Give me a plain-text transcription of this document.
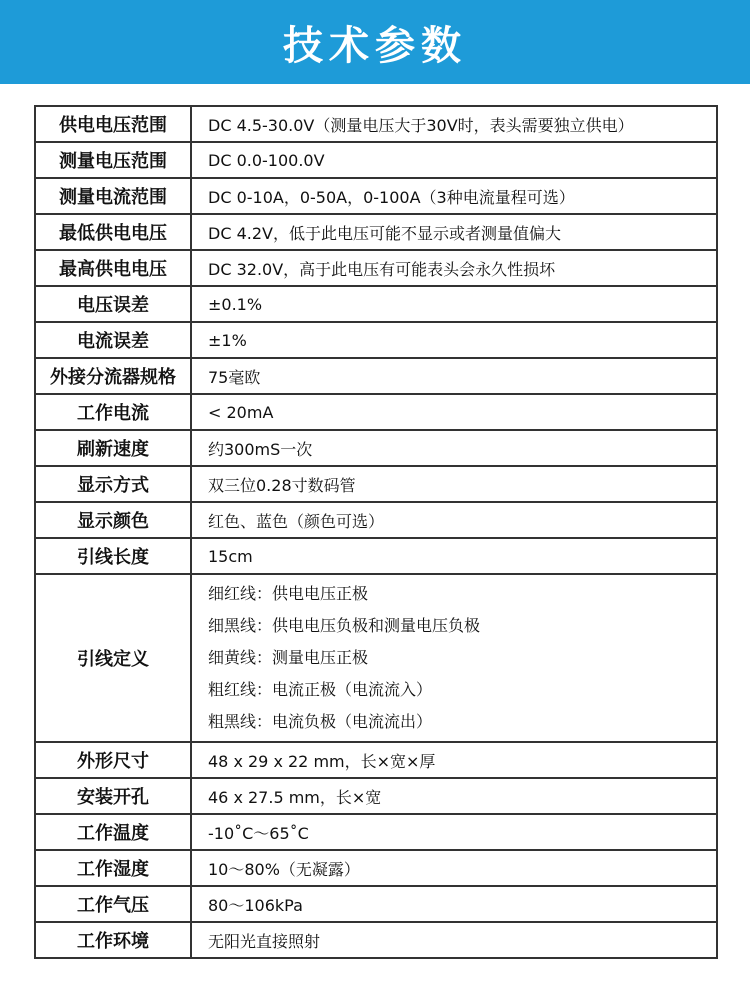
技术参数
供电电压范围	DC 4.5-30.0V（测量电压大于30V时，表头需要独立供电）
测量电压范围	DC 0.0-100.0V
测量电流范围	DC 0-10A，0-50A，0-100A（3种电流量程可选）
最低供电电压	DC 4.2V，低于此电压可能不显示或者测量值偏大
最高供电电压	DC 32.0V，高于此电压有可能表头会永久性损坏
电压误差	±0.1%
电流误差	±1%
外接分流器规格	75毫欧
工作电流	< 20mA
刷新速度	约300mS一次
显示方式	双三位0.28寸数码管
显示颜色	红色、蓝色（颜色可选）
引线长度	15cm
引线定义	细红线：供电电压正极
细黑线：供电电压负极和测量电压负极
细黄线：测量电压正极
粗红线：电流正极（电流流入）
粗黑线：电流负极（电流流出）

外形尺寸	48 x 29 x 22 mm，长×宽×厚
安装开孔	46 x 27.5 mm，长×宽
工作温度	-10˚C～65˚C
工作湿度	10～80%（无凝露）
工作气压	80～106kPa
工作环境	无阳光直接照射
